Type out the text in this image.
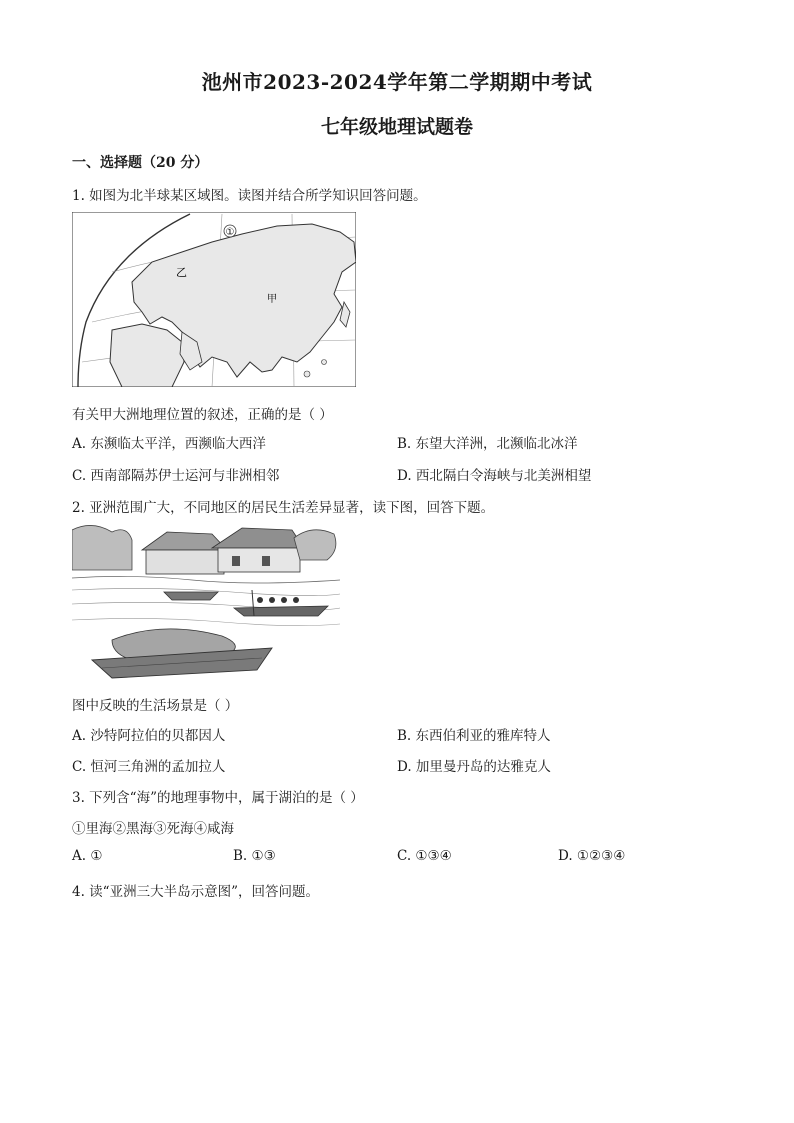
池州市2023-2024学年第二学期期中考试
七年级地理试题卷
一、选择题（20 分）
1. 如图为北半球某区域图。读图并结合所学知识回答问题。
①
乙
甲
有关甲大洲地理位置的叙述，正确的是（ ）
A. 东濒临太平洋，西濒临大西洋	B. 东望大洋洲，北濒临北冰洋
C. 西南部隔苏伊士运河与非洲相邻	D. 西北隔白令海峡与北美洲相望
2. 亚洲范围广大，不同地区的居民生活差异显著，读下图，回答下题。
图中反映的生活场景是（ ）
A. 沙特阿拉伯的贝都因人	B. 东西伯利亚的雅库特人
C. 恒河三角洲的孟加拉人	D. 加里曼丹岛的达雅克人
3. 下列含“海”的地理事物中，属于湖泊的是（ ）
①里海②黑海③死海④咸海
A. ①	B. ①③	C. ①③④	D. ①②③④
4. 读“亚洲三大半岛示意图”，回答问题。
